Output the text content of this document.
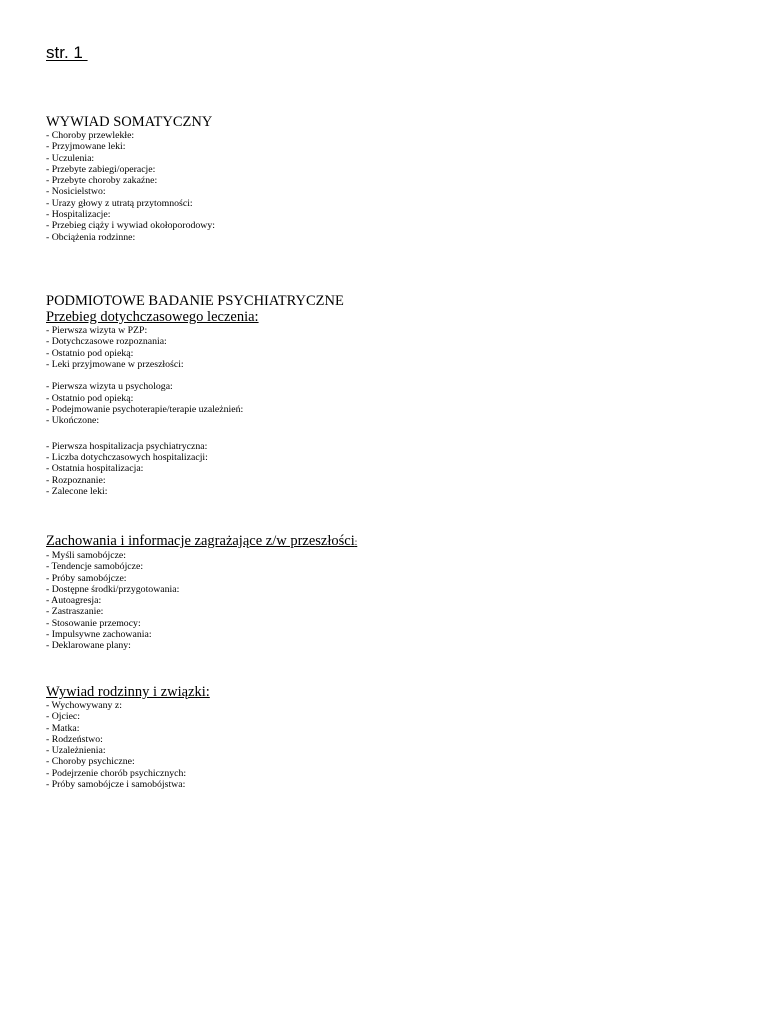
str. 1
WYWIAD SOMATYCZNY
- Choroby przewlekłe:
- Przyjmowane leki:
- Uczulenia:
- Przebyte zabiegi/operacje:
- Przebyte choroby zakaźne:
- Nosicielstwo:
- Urazy głowy z utratą przytomności:
- Hospitalizacje:
- Przebieg ciąży i wywiad okołoporodowy:
- Obciążenia rodzinne:
PODMIOTOWE BADANIE PSYCHIATRYCZNE
Przebieg dotychczasowego leczenia:
- Pierwsza wizyta w PZP:
- Dotychczasowe rozpoznania:
- Ostatnio pod opieką:
- Leki przyjmowane w przeszłości:
- Pierwsza wizyta u psychologa:
- Ostatnio pod opieką:
- Podejmowanie psychoterapie/terapie uzależnień:
- Ukończone:
- Pierwsza hospitalizacja psychiatryczna:
- Liczba dotychczasowych hospitalizacji:
- Ostatnia hospitalizacja:
- Rozpoznanie:
- Zalecone leki:
Zachowania i informacje zagrażające z/w przeszłości:
- Myśli samobójcze:
- Tendencje samobójcze:
- Próby samobójcze:
- Dostępne środki/przygotowania:
- Autoagresja:
- Zastraszanie:
- Stosowanie przemocy:
- Impulsywne zachowania:
- Deklarowane plany:
Wywiad rodzinny i związki:
- Wychowywany z:
- Ojciec:
- Matka:
- Rodzeństwo:
- Uzależnienia:
- Choroby psychiczne:
- Podejrzenie chorób psychicznych:
- Próby samobójcze i samobójstwa:
